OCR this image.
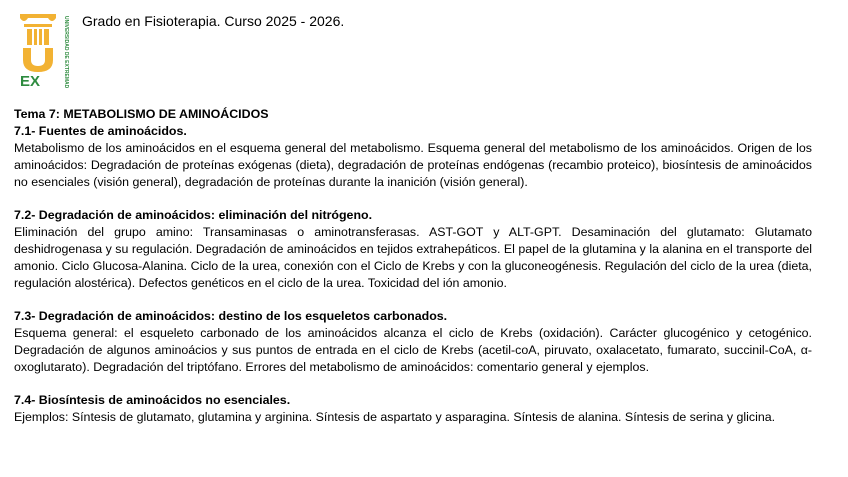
EX	UNIVERSIDAD DE EXTREMADURA Grado en Fisioterapia. Curso 2025 - 2026.

Tema 7: METABOLISMO DE AMINOÁCIDOS

7.1- Fuentes de aminoácidos.

Metabolismo de los aminoácidos en el esquema general del metabolismo. Esquema general del metabolismo de los aminoácidos. Origen de los aminoácidos: Degradación de proteínas exógenas (dieta), degradación de proteínas endógenas (recambio proteico), biosíntesis de aminoácidos no esenciales (visión general), degradación de proteínas durante la inanición (visión general).

7.2- Degradación de aminoácidos: eliminación del nitrógeno.

Eliminación del grupo amino: Transaminasas o aminotransferasas. AST-GOT y ALT-GPT. Desaminación del glutamato: Glutamato deshidrogenasa y su regulación. Degradación de aminoácidos en tejidos extrahepáticos. El papel de la glutamina y la alanina en el transporte del amonio. Ciclo Glucosa-Alanina. Ciclo de la urea, conexión con el Ciclo de Krebs y con la gluconeogénesis. Regulación del ciclo de la urea (dieta, regulación alostérica). Defectos genéticos en el ciclo de la urea. Toxicidad del ión amonio.

7.3- Degradación de aminoácidos: destino de los esqueletos carbonados.

Esquema general: el esqueleto carbonado de los aminoácidos alcanza el ciclo de Krebs (oxidación). Carácter glucogénico y cetogénico. Degradación de algunos aminoácios y sus puntos de entrada en el ciclo de Krebs (acetil-coA, piruvato, oxalacetato, fumarato, succinil-CoA, α-oxoglutarato). Degradación del triptófano. Errores del metabolismo de aminoácidos: comentario general y ejemplos.

7.4- Biosíntesis de aminoácidos no esenciales.

Ejemplos: Síntesis de glutamato, glutamina y arginina. Síntesis de aspartato y asparagina. Síntesis de alanina. Síntesis de serina y glicina.
